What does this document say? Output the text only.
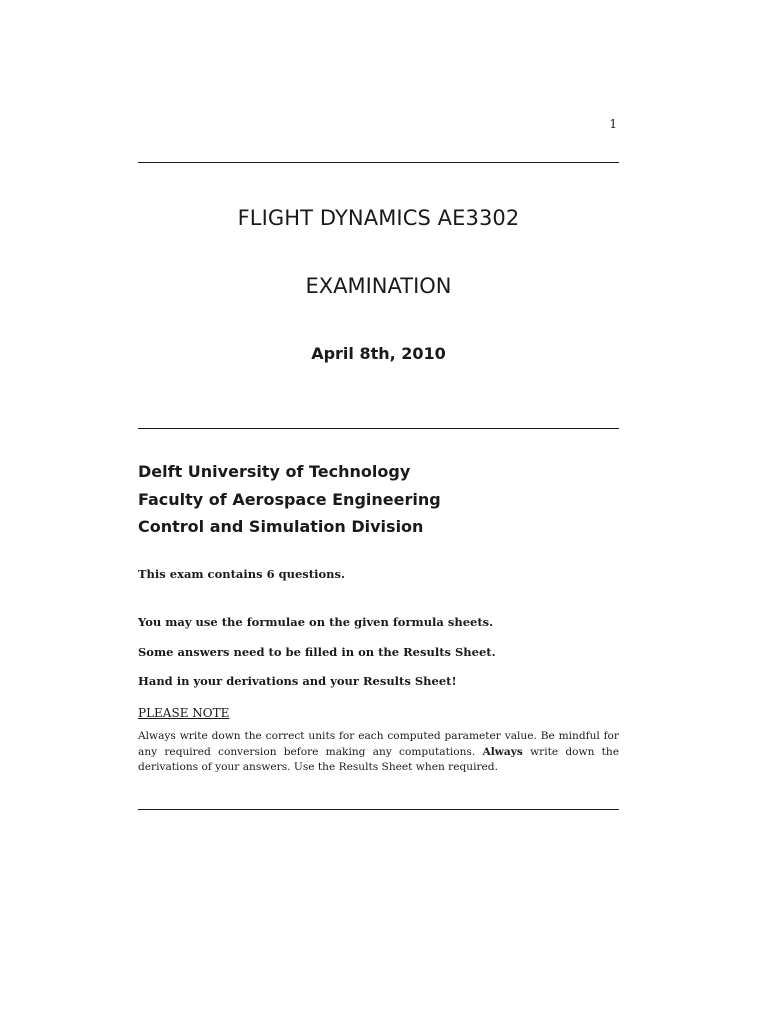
1
FLIGHT DYNAMICS AE3302
EXAMINATION
April 8th, 2010
Delft University of Technology
Faculty of Aerospace Engineering
Control and Simulation Division
This exam contains 6 questions.
You may use the formulae on the given formula sheets.
Some answers need to be filled in on the Results Sheet.
Hand in your derivations and your Results Sheet!
PLEASE NOTE
Always write down the correct units for each computed parameter value. Be mindful for any required conversion before making any computations. Always write down the derivations of your answers. Use the Results Sheet when required.
